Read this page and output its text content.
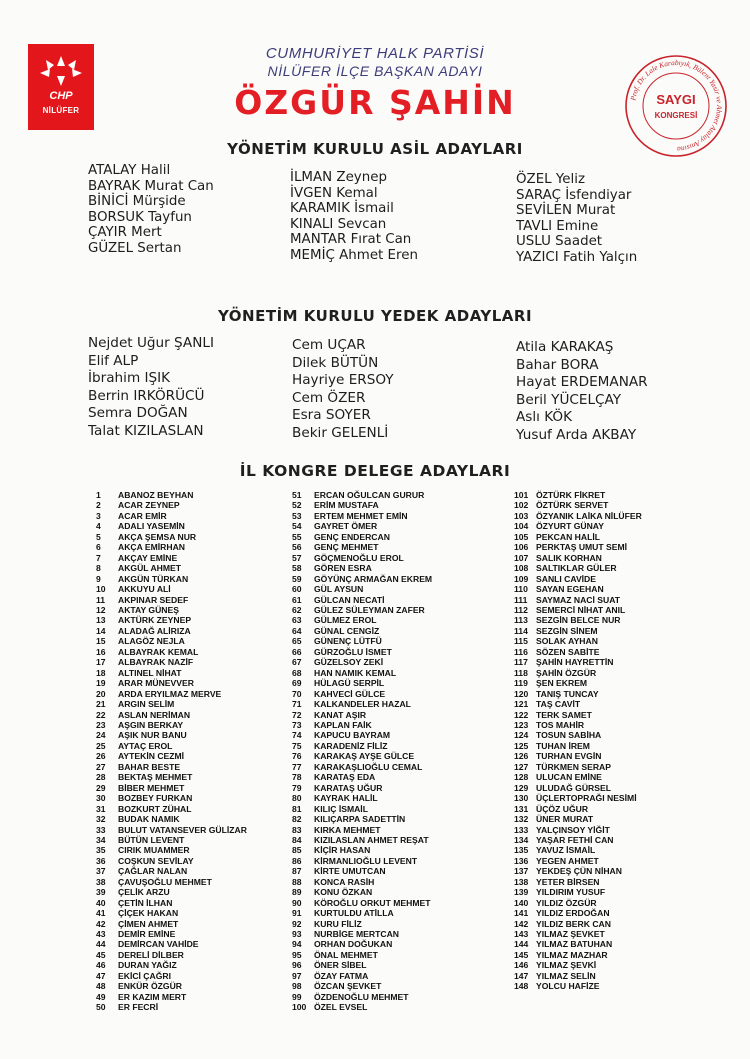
CHP
NİLÜFER
CUMHURİYET HALK PARTİSİ
NİLÜFER İLÇE BAŞKAN ADAYI
ÖZGÜR ŞAHİN	Prof. Dr. Lale Karabıyık, Bülent Yasir ve Ahmet Atalay Anısına
SAYGI
KONGRESİ
YÖNETİM KURULU ASİL ADAYLARI
ATALAY Halil
BAYRAK Murat Can
BİNİCİ Mürşide
BORSUK Tayfun
ÇAYIR Mert
GÜZEL Sertan
İLMAN Zeynep
İVGEN Kemal
KARAMIK İsmail
KINALI Sevcan
MANTAR Fırat Can
MEMİÇ Ahmet Eren
ÖZEL Yeliz
SARAÇ İsfendiyar
SEVİLEN Murat
TAVLI Emine
USLU Saadet
YAZICI Fatih Yalçın
YÖNETİM KURULU YEDEK ADAYLARI
Nejdet Uğur ŞANLI
Elif ALP
İbrahim IŞIK
Berrin IRKÖRÜCÜ
Semra DOĞAN
Talat KIZILASLAN
Cem UÇAR
Dilek BÜTÜN
Hayriye ERSOY
Cem ÖZER
Esra SOYER
Bekir GELENLİ
Atila KARAKAŞ
Bahar BORA
Hayat ERDEMANAR
Beril YÜCELÇAY
Aslı KÖK
Yusuf Arda AKBAY
İL KONGRE DELEGE ADAYLARI
1 ABANOZ BEYHAN
2 ACAR ZEYNEP
3 ACAR EMİR
4 ADALI YASEMİN
5 AKÇA ŞEMSA NUR
6 AKÇA EMİRHAN
7 AKÇAY EMİNE
8 AKGÜL AHMET
9 AKGÜN TÜRKAN
10 AKKUYU ALİ
11 AKPINAR SEDEF
12 AKTAY GÜNEŞ
13 AKTÜRK ZEYNEP
14 ALADAĞ ALİRIZA
15 ALAGÖZ NEJLA
16 ALBAYRAK KEMAL
17 ALBAYRAK NAZİF
18 ALTINEL NİHAT
19 ARAR MÜNEVVER
20 ARDA ERYILMAZ MERVE
21 ARGIN SELİM
22 ASLAN NERİMAN
23 AŞGIN BERKAY
24 AŞIK NUR BANU
25 AYTAÇ EROL
26 AYTEKİN CEZMİ
27 BAHAR BESTE
28 BEKTAŞ MEHMET
29 BİBER MEHMET
30 BOZBEY FURKAN
31 BOZKURT ZÜHAL
32 BUDAK NAMIK
33 BULUT VATANSEVER GÜLİZAR
34 BÜTÜN LEVENT
35 CIRIK MUAMMER
36 COŞKUN SEVİLAY
37 ÇAĞLAR NALAN
38 ÇAVUŞOĞLU MEHMET
39 ÇELİK ARZU
40 ÇETİN İLHAN
41 ÇİÇEK HAKAN
42 ÇİMEN AHMET
43 DEMİR EMİNE
44 DEMİRCAN VAHİDE
45 DERELİ DİLBER
46 DURAN YAĞIZ
47 EKİCİ ÇAĞRI
48 ENKÜR ÖZGÜR
49 ER KAZIM MERT
50 ER FECRİ
51 ERCAN OĞULCAN GURUR
52 ERİM MUSTAFA
53 ERTEM MEHMET EMİN
54 GAYRET ÖMER
55 GENÇ ENDERCAN
56 GENÇ MEHMET
57 GÖÇMENOĞLU EROL
58 GÖREN ESRA
59 GÖYÜNÇ ARMAĞAN EKREM
60 GÜL AYSUN
61 GÜLCAN NECATİ
62 GÜLEZ SÜLEYMAN ZAFER
63 GÜLMEZ EROL
64 GÜNAL CENGİZ
65 GÜNENÇ LÜTFÜ
66 GÜRZOĞLU İSMET
67 GÜZELSOY ZEKİ
68 HAN NAMIK KEMAL
69 HÜLAGÜ SERPİL
70 KAHVECİ GÜLCE
71 KALKANDELER HAZAL
72 KANAT AŞIR
73 KAPLAN FAİK
74 KAPUCU BAYRAM
75 KARADENİZ FİLİZ
76 KARAKAŞ AYŞE GÜLCE
77 KARAKAŞLIOĞLU CEMAL
78 KARATAŞ EDA
79 KARATAŞ UĞUR
80 KAYRAK HALİL
81 KILIÇ İSMAİL
82 KILIÇARPA SADETTİN
83 KIRKA MEHMET
84 KIZILASLAN AHMET REŞAT
85 KİÇİR HASAN
86 KİRMANLIOĞLU LEVENT
87 KİRTE UMUTCAN
88 KONCA RASİH
89 KONU ÖZKAN
90 KÖROĞLU ORKUT MEHMET
91 KURTULDU ATİLLA
92 KURU FİLİZ
93 NURBİGE MERTCAN
94 ORHAN DOĞUKAN
95 ÖNAL MEHMET
96 ÖNER SİBEL
97 ÖZAY FATMA
98 ÖZCAN ŞEVKET
99 ÖZDENOĞLU MEHMET
100 ÖZEL EVSEL
101 ÖZTÜRK FİKRET
102 ÖZTÜRK SERVET
103 ÖZYANIK LAİKA NİLÜFER
104 ÖZYURT GÜNAY
105 PEKCAN HALİL
106 PERKTAŞ UMUT SEMİ
107 SALIK KORHAN
108 SALTIKLAR GÜLER
109 SANLI CAVİDE
110 SAYAN EGEHAN
111 SAYMAZ NACİ SUAT
112 SEMERCİ NİHAT ANIL
113 SEZGİN BELCE NUR
114 SEZGİN SİNEM
115 SOLAK AYHAN
116 SÖZEN SABİTE
117 ŞAHİN HAYRETTİN
118 ŞAHİN ÖZGÜR
119 ŞEN EKREM
120 TANIŞ TUNCAY
121 TAŞ CAVİT
122 TERK SAMET
123 TOS MAHİR
124 TOSUN SABİHA
125 TUHAN İREM
126 TURHAN EVGİN
127 TÜRKMEN SERAP
128 ULUCAN EMİNE
129 ULUDAĞ GÜRSEL
130 ÜÇLERTOPRAĞI NESİMİ
131 ÜÇÖZ UĞUR
132 ÜNER MURAT
133 YALÇINSOY YİĞİT
134 YAŞAR FETHİ CAN
135 YAVUZ İSMAİL
136 YEGEN AHMET
137 YEKDEŞ ÇÜN NİHAN
138 YETER BİRSEN
139 YILDIRIM YUSUF
140 YILDIZ ÖZGÜR
141 YILDIZ ERDOĞAN
142 YILDIZ BERK CAN
143 YILMAZ ŞEVKET
144 YILMAZ BATUHAN
145 YILMAZ MAZHAR
146 YILMAZ ŞEVKİ
147 YILMAZ SELİN
148 YOLCU HAFİZE
